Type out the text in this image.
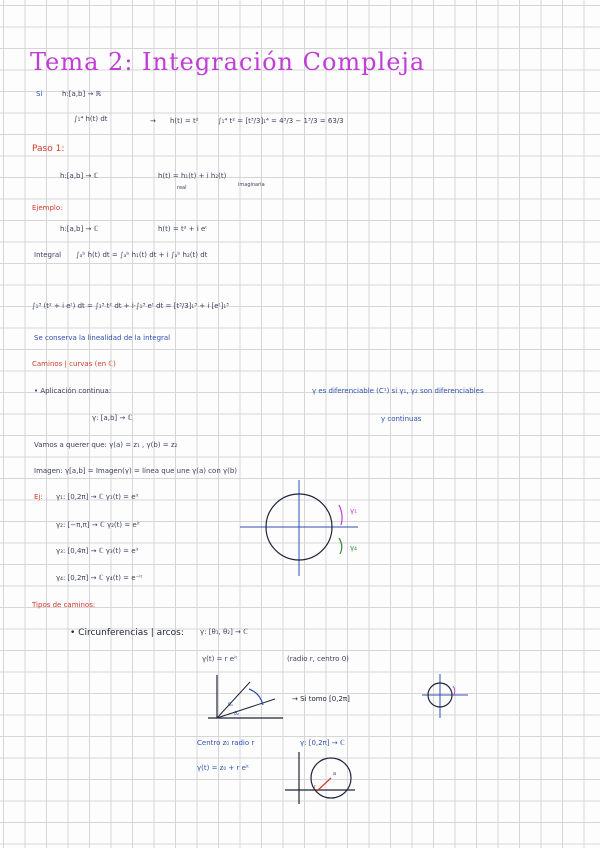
Tema 2: Integración Compleja
Si	h:[a,b] → ℝ
∫₁⁴ h(t) dt	→ h(t) = t²	∫₁⁴ t² = [t³/3]₁⁴ = 4³/3 − 1³/3 = 63/3
Paso 1:
h:[a,b] → ℂ	h(t) = h₁(t) + i h₂(t)
real	imaginaria
Ejemplo:
h:[a,b] → ℂ	h(t) = t² + i eᵗ
Integral ∫ₐᵇ h(t) dt = ∫ₐᵇ h₁(t) dt + i ∫ₐᵇ h₂(t) dt
∫₁³ (t² + i eᵗ) dt = ∫₁³ t² dt + i·∫₁³ eᵗ dt = [t³/3]₁³ + i [eᵗ]₁³
Se conserva la linealidad de la integral
Caminos | curvas (en ℂ)
• Aplicación continua:	γ es diferenciable (C¹) si γ₁, γ₂ son diferenciables
y continuas
γ: [a,b] → ℂ
Vamos a querer que: γ(a) = z₁ , γ(b) = z₂
Imagen: γ[a,b] = Imagen(γ) = línea que une γ(a) con γ(b)
Ej: γ₁: [0,2π] → ℂ γ₁(t) = eⁱᵗ
γ₂: [−π,π] → ℂ γ₂(t) = eⁱᵗ
γ₃: [0,4π] → ℂ γ₃(t) = eⁱᵗ
γ₄: [0,2π] → ℂ γ₄(t) = e⁻ⁱᵗ
γ₁
γ₄
Tipos de caminos:
• Circunferencias | arcos: γ: [θ₁, θ₂] → ℂ
γ(t) = r eⁱᵗ	(radio r, centro 0)
θ₁
θ₂
→ Si tomo [0,2π]
Centro z₀ radio r	γ: [0,2π] → ℂ
γ(t) = z₀ + r eⁱᵗ
r
a
